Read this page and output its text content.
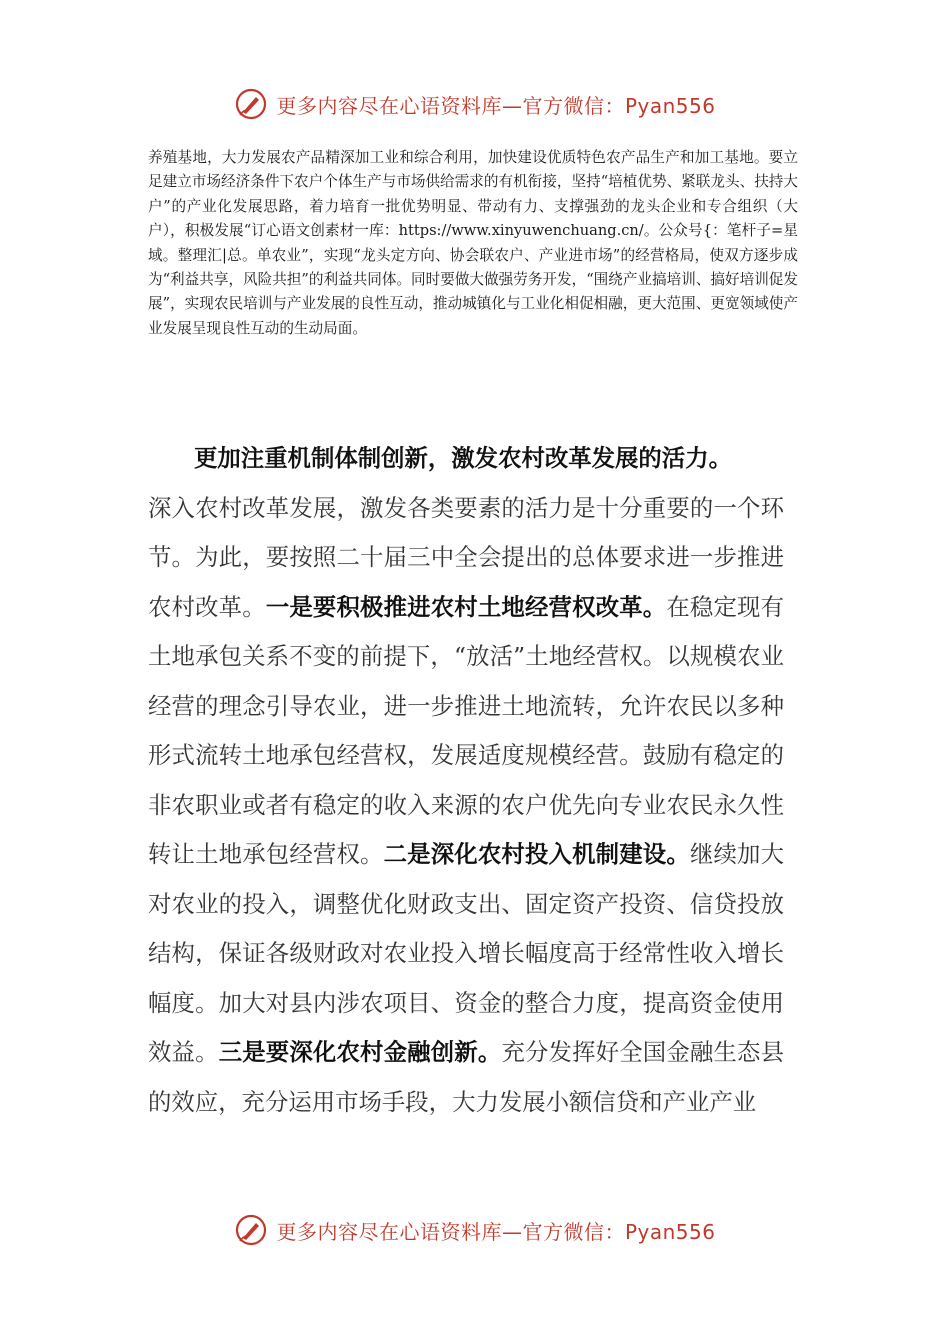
更多内容尽在心语资料库—官方微信：Pyan556
养殖基地，大力发展农产品精深加工业和综合利用，加快建设优质特色农产品生产和加工基地。要立足建立市场经济条件下农户个体生产与市场供给需求的有机衔接，坚持“培植优势、紧联龙头、扶持大户”的产业化发展思路，着力培育一批优势明显、带动有力、支撑强劲的龙头企业和专合组织（大户），积极发展“订心语文创素材一库：https://www.xinyuwenchuang.cn/。公众号{：笔杆子=星域。整理汇|总。单农业”，实现“龙头定方向、协会联农户、产业进市场”的经营格局，使双方逐步成为“利益共享，风险共担”的利益共同体。同时要做大做强劳务开发，“围绕产业搞培训、搞好培训促发展”，实现农民培训与产业发展的良性互动，推动城镇化与工业化相促相融，更大范围、更宽领域使产业发展呈现良性互动的生动局面。

更加注重机制体制创新，激发农村改革发展的活力。

深入农村改革发展，激发各类要素的活力是十分重要的一个环节。为此，要按照二十届三中全会提出的总体要求进一步推进农村改革。一是要积极推进农村土地经营权改革。在稳定现有土地承包关系不变的前提下，“放活”土地经营权。以规模农业经营的理念引导农业，进一步推进土地流转，允许农民以多种形式流转土地承包经营权，发展适度规模经营。鼓励有稳定的非农职业或者有稳定的收入来源的农户优先向专业农民永久性转让土地承包经营权。二是深化农村投入机制建设。继续加大对农业的投入，调整优化财政支出、固定资产投资、信贷投放结构，保证各级财政对农业投入增长幅度高于经常性收入增长幅度。加大对县内涉农项目、资金的整合力度，提高资金使用效益。三是要深化农村金融创新。充分发挥好全国金融生态县的效应，充分运用市场手段，大力发展小额信贷和产业产业

更多内容尽在心语资料库—官方微信：Pyan556
